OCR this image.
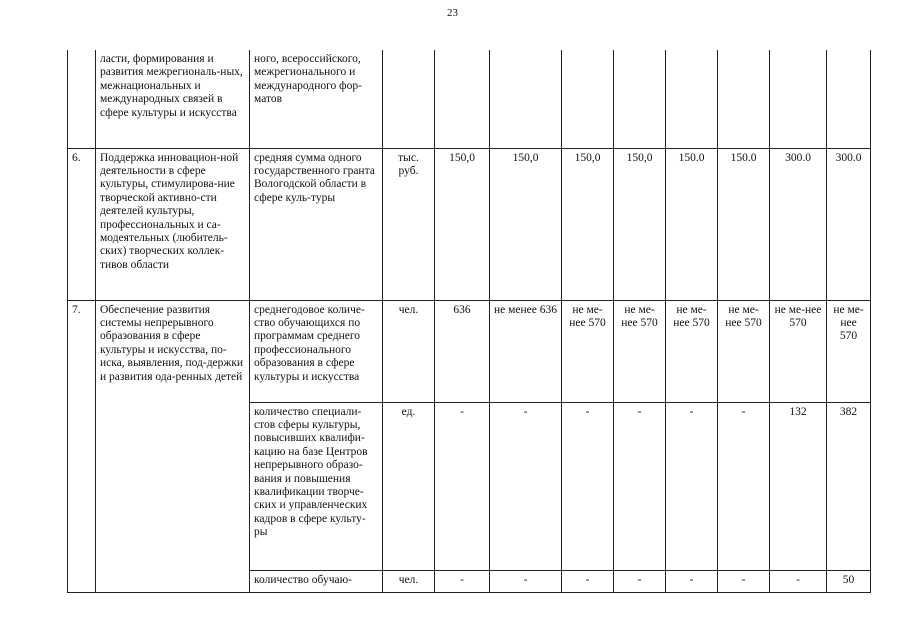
23
	ласти, формирования и развития межрегиональ-ных, межнациональных и международных связей в сфере культуры и искусства	ного, всероссийского, межрегионального и международного фор-матов									
6.	Поддержка инновацион-ной деятельности в сфере культуры, стимулирова-ние творческой активно-сти деятелей культуры, профессиональных и са-модеятельных (любитель-ских) творческих коллек-тивов области	средняя сумма одного государственного гранта Вологодской области в сфере куль-туры	тыс. руб.	150,0	150,0	150,0	150,0	150.0	150.0	300.0	300.0
7.	Обеспечение развития системы непрерывного образования в сфере культуры и искусства, по-иска, выявления, под-держки и развития ода-ренных детей	среднегодовое количе-ство обучающихся по программам среднего профессионального образования в сфере культуры и искусства	чел.	636	не менее 636	не ме-нее 570	не ме-нее 570	не ме-нее 570	не ме-нее 570	не ме-нее 570	не ме-нее 570
		количество специали-стов сферы культуры, повысивших квалифи-кацию на базе Центров непрерывного образо-вания и повышения квалификации творче-ских и управленческих кадров в сфере культу-ры	ед.	-	-	-	-	-	-	132	382
		количество обучаю-	чел.	-	-	-	-	-	-	-	50
